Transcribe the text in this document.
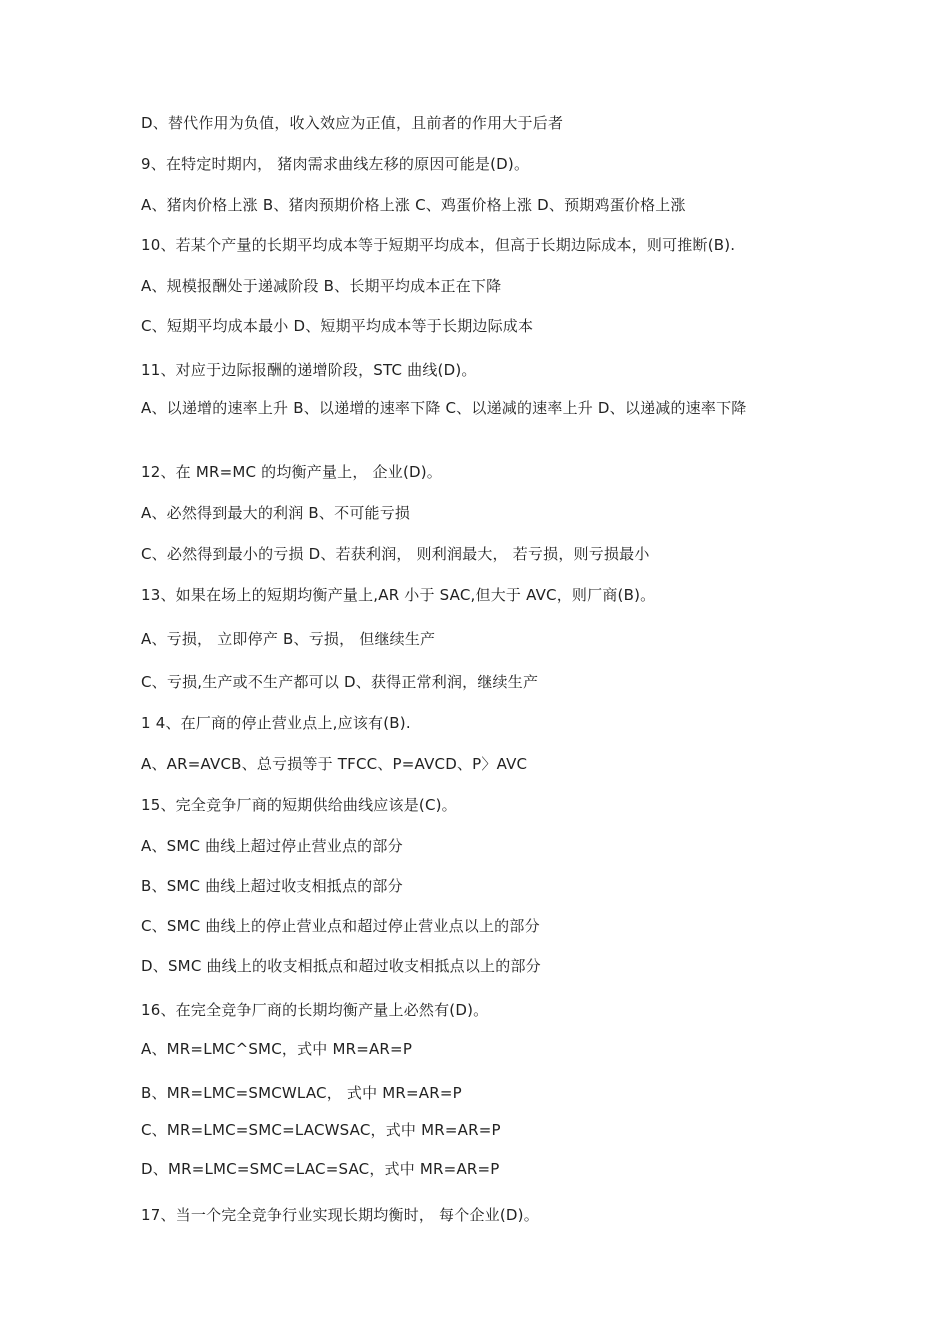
D、替代作用为负值，收入效应为正值，且前者的作用大于后者
9、在特定时期内， 猪肉需求曲线左移的原因可能是(D)。
A、猪肉价格上涨 B、猪肉预期价格上涨 C、鸡蛋价格上涨 D、预期鸡蛋价格上涨
10、若某个产量的长期平均成本等于短期平均成本，但高于长期边际成本，则可推断(B).
A、规模报酬处于递减阶段 B、长期平均成本正在下降
C、短期平均成本最小 D、短期平均成本等于长期边际成本
11、对应于边际报酬的递增阶段，STC 曲线(D)。
A、以递增的速率上升 B、以递增的速率下降 C、以递减的速率上升 D、以递减的速率下降
12、在 MR=MC 的均衡产量上， 企业(D)。
A、必然得到最大的利润 B、不可能亏损
C、必然得到最小的亏损 D、若获利润， 则利润最大， 若亏损，则亏损最小
13、如果在场上的短期均衡产量上,AR 小于 SAC,但大于 AVC，则厂商(B)。
A、亏损， 立即停产 B、亏损， 但继续生产
C、亏损,生产或不生产都可以 D、获得正常利润，继续生产
1 4、在厂商的停止营业点上,应该有(B).
A、AR=AVCB、总亏损等于 TFCC、P=AVCD、P〉AVC
15、完全竞争厂商的短期供给曲线应该是(C)。
A、SMC 曲线上超过停止营业点的部分
B、SMC 曲线上超过收支相抵点的部分
C、SMC 曲线上的停止营业点和超过停止营业点以上的部分
D、SMC 曲线上的收支相抵点和超过收支相抵点以上的部分
16、在完全竞争厂商的长期均衡产量上必然有(D)。
A、MR=LMC^SMC，式中 MR=AR=P
B、MR=LMC=SMCWLAC， 式中 MR=AR=P
C、MR=LMC=SMC=LACWSAC，式中 MR=AR=P
D、MR=LMC=SMC=LAC=SAC，式中 MR=AR=P
17、当一个完全竞争行业实现长期均衡时， 每个企业(D)。
